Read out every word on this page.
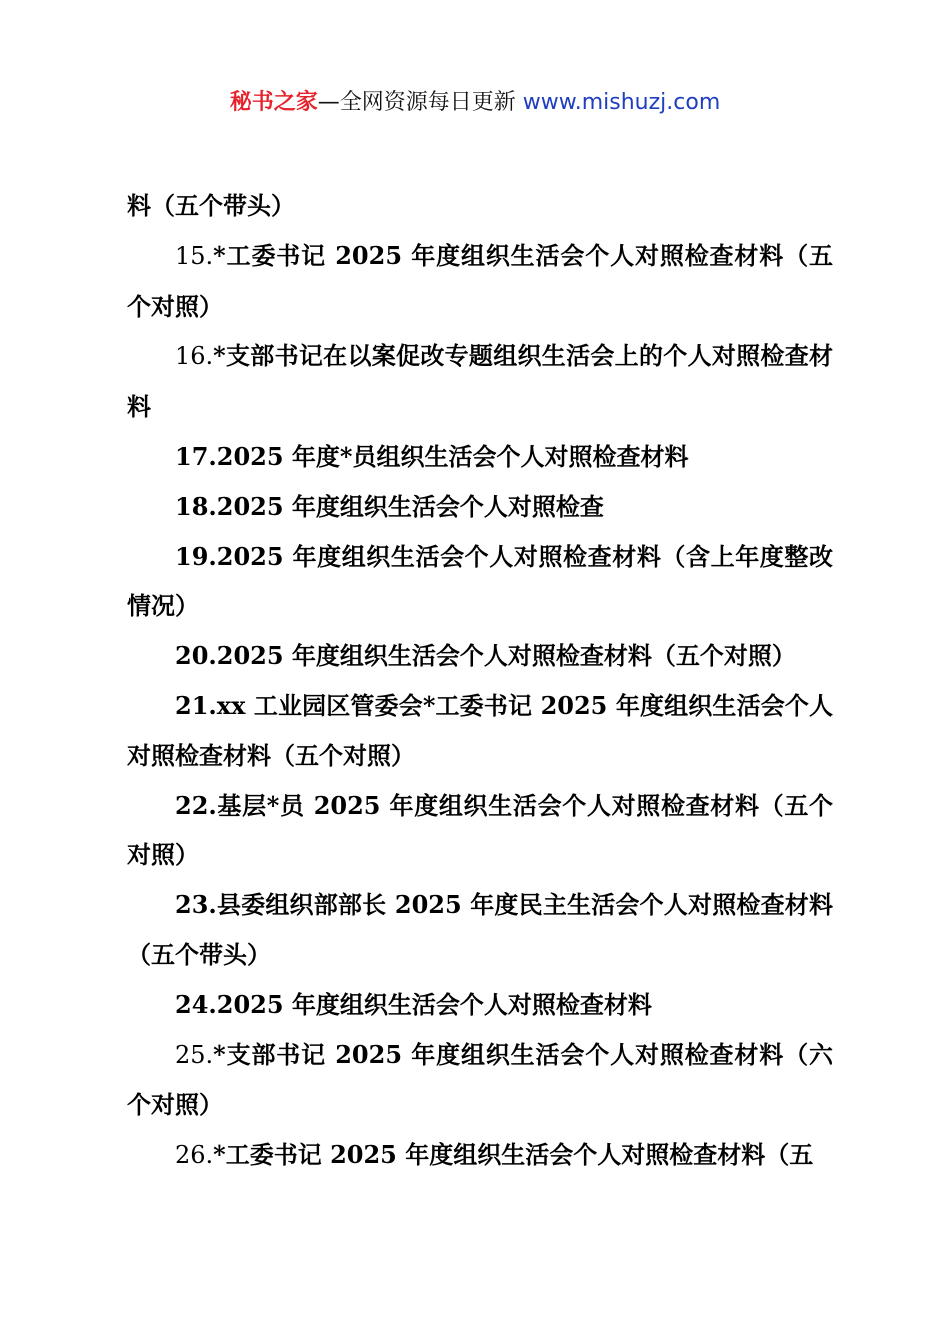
秘书之家—全网资源每日更新 www.mishuzj.com

料（五个带头）

15.*工委书记 2025 年度组织生活会个人对照检查材料（五个对照）

16.*支部书记在以案促改专题组织生活会上的个人对照检查材料

17.2025 年度*员组织生活会个人对照检查材料

18.2025 年度组织生活会个人对照检查

19.2025 年度组织生活会个人对照检查材料（含上年度整改情况）

20.2025 年度组织生活会个人对照检查材料（五个对照）

21.xx 工业园区管委会*工委书记 2025 年度组织生活会个人对照检查材料（五个对照）

22.基层*员 2025 年度组织生活会个人对照检查材料（五个对照）

23.县委组织部部长 2025 年度民主生活会个人对照检查材料（五个带头）

24.2025 年度组织生活会个人对照检查材料

25.*支部书记 2025 年度组织生活会个人对照检查材料（六个对照）

26.*工委书记 2025 年度组织生活会个人对照检查材料（五
